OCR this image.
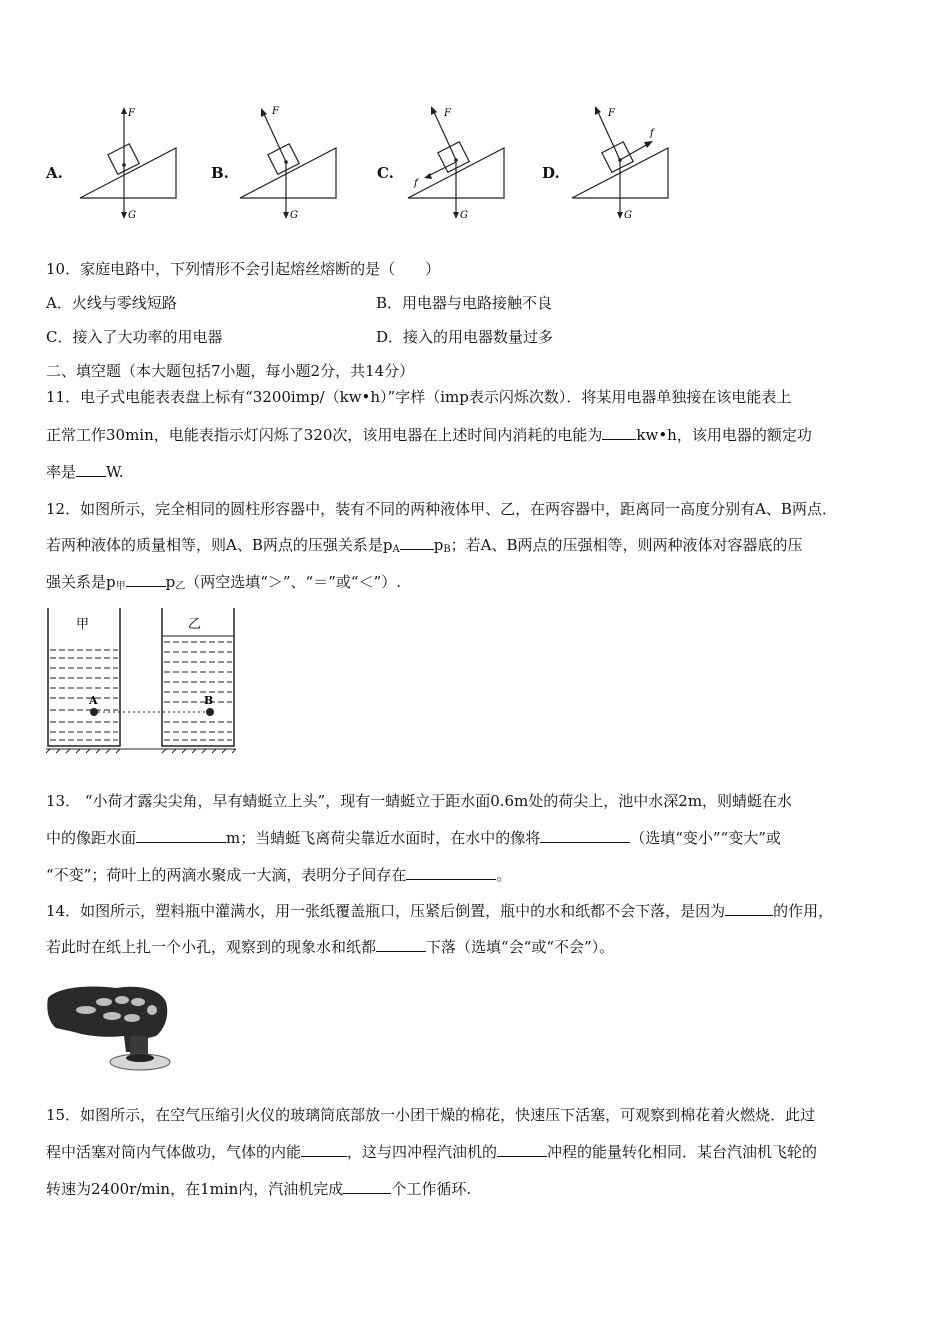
A.
F
G
B.
F
G
C.
F
f
G
D.
F
f
G
10．家庭电路中，下列情形不会引起熔丝熔断的是（　　）
A．火线与零线短路	B．用电器与电路接触不良
C．接入了大功率的用电器	D．接入的用电器数量过多
二、填空题（本大题包括7小题，每小题2分，共14分）
11．电子式电能表表盘上标有“3200imp/（kw•h）”字样（imp表示闪烁次数）．将某用电器单独接在该电能表上
正常工作30min，电能表指示灯闪烁了320次，该用电器在上述时间内消耗的电能为 kw•h，该用电器的额定功
率是 W.
12．如图所示，完全相同的圆柱形容器中，装有不同的两种液体甲、乙，在两容器中，距离同一高度分别有A、B两点．
若两种液体的质量相等，则A、B两点的压强关系是$p_A$ $p_B$；若A、B两点的压强相等，则两种液体对容器底的压
强关系是$p_甲$	$p_乙$（两空选填“＞”、“＝”或“＜”）.
甲
A
乙
B
13． “小荷才露尖尖角，早有蜻蜓立上头”，现有一蜻蜓立于距水面0.6m处的荷尖上，池中水深2m，则蜻蜓在水
中的像距水面	m；当蜻蜓飞离荷尖靠近水面时，在水中的像将	（选填“变小”“变大”或
“不变”；荷叶上的两滴水聚成一大滴，表明分子间存在	。
14．如图所示，塑料瓶中灌满水，用一张纸覆盖瓶口，压紧后倒置，瓶中的水和纸都不会下落，是因为	的作用，
若此时在纸上扎一个小孔，观察到的现象水和纸都	下落（选填“会“或“不会”）。
15．如图所示，在空气压缩引火仪的玻璃筒底部放一小团干燥的棉花，快速压下活塞，可观察到棉花着火燃烧．此过
程中活塞对筒内气体做功，气体的内能	，这与四冲程汽油机的	冲程的能量转化相同．某台汽油机飞轮的
转速为2400r/min，在1min内，汽油机完成	个工作循环.
